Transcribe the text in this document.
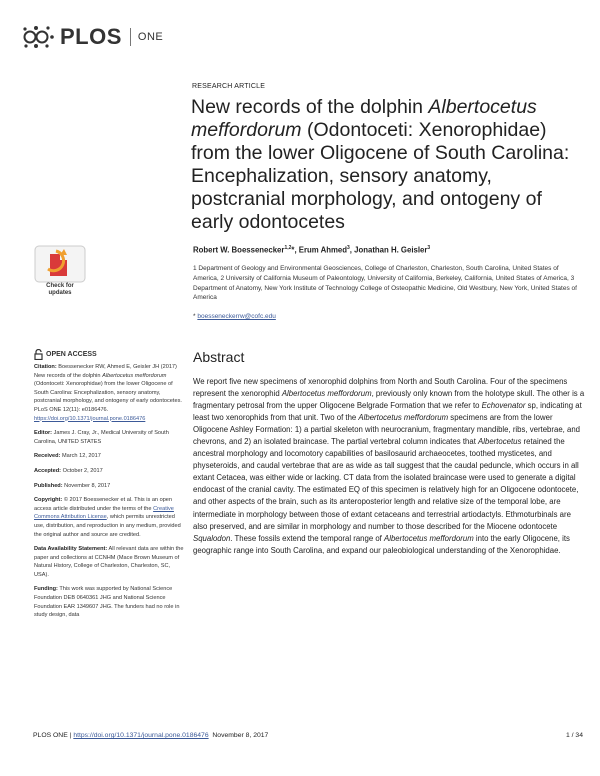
PLOS ONE
RESEARCH ARTICLE
New records of the dolphin Albertocetus meffordorum (Odontoceti: Xenorophidae) from the lower Oligocene of South Carolina: Encephalization, sensory anatomy, postcranial morphology, and ontogeny of early odontocetes
Robert W. Boessenecker$^{1,2}$*, Erum Ahmed$^3$, Jonathan H. Geisler$^3$
1 Department of Geology and Environmental Geosciences, College of Charleston, Charleston, South Carolina, United States of America, 2 University of California Museum of Paleontology, University of California, Berkeley, California, United States of America, 3 Department of Anatomy, New York Institute of Technology College of Osteopathic Medicine, Old Westbury, New York, United States of America
* boesseneckerrw@cofc.edu
Check for
updates
OPEN ACCESS

Citation: Boessenecker RW, Ahmed E, Geisler JH (2017) New records of the dolphin Albertocetus meffordorum (Odontoceti: Xenorophidae) from the lower Oligocene of South Carolina: Encephalization, sensory anatomy, postcranial morphology, and ontogeny of early odontocetes. PLoS ONE 12(11): e0186476. https://doi.org/10.1371/journal.pone.0186476

Editor: James J. Cray, Jr., Medical University of South Carolina, UNITED STATES

Received: March 12, 2017

Accepted: October 2, 2017

Published: November 8, 2017

Copyright: © 2017 Boessenecker et al. This is an open access article distributed under the terms of the Creative Commons Attribution License, which permits unrestricted use, distribution, and reproduction in any medium, provided the original author and source are credited.

Data Availability Statement: All relevant data are within the paper and collections at CCNHM (Mace Brown Museum of Natural History, College of Charleston, Charleston, SC, USA).

Funding: This work was supported by National Science Foundation DEB 0640361 JHG and National Science Foundation EAR 1349607 JHG. The funders had no role in study design, data

Abstract
We report five new specimens of xenorophid dolphins from North and South Carolina. Four of the specimens represent the xenorophid Albertocetus meffordorum, previously only known from the holotype skull. The other is a fragmentary petrosal from the upper Oligocene Belgrade Formation that we refer to Echovenator sp, indicating at least two xenorophids from that unit. Two of the Albertocetus meffordorum specimens are from the lower Oligocene Ashley Formation: 1) a partial skeleton with neurocranium, fragmentary mandible, ribs, vertebrae, and chevrons, and 2) an isolated braincase. The partial vertebral column indicates that Albertocetus retained the ancestral morphology and locomotory capabilities of basilosaurid archaeocetes, toothed mysticetes, and physeteroids, and caudal vertebrae that are as wide as tall suggest that the caudal peduncle, which occurs in all extant Cetacea, was either wide or lacking. CT data from the isolated braincase were used to generate a digital endocast of the cranial cavity. The estimated EQ of this specimen is relatively high for an Oligocene odontocete, and other aspects of the brain, such as its anteroposterior length and relative size of the temporal lobe, are intermediate in morphology between those of extant cetaceans and terrestrial artiodactyls. Ethmoturbinals are also preserved, and are similar in morphology and number to those described for the Miocene odontocete Squalodon. These fossils extend the temporal range of Albertocetus meffordorum into the early Oligocene, its geographic range into South Carolina, and expand our paleobiological understanding of the Xenorophidae.
PLOS ONE | https://doi.org/10.1371/journal.pone.0186476 November 8, 2017	1 / 34
